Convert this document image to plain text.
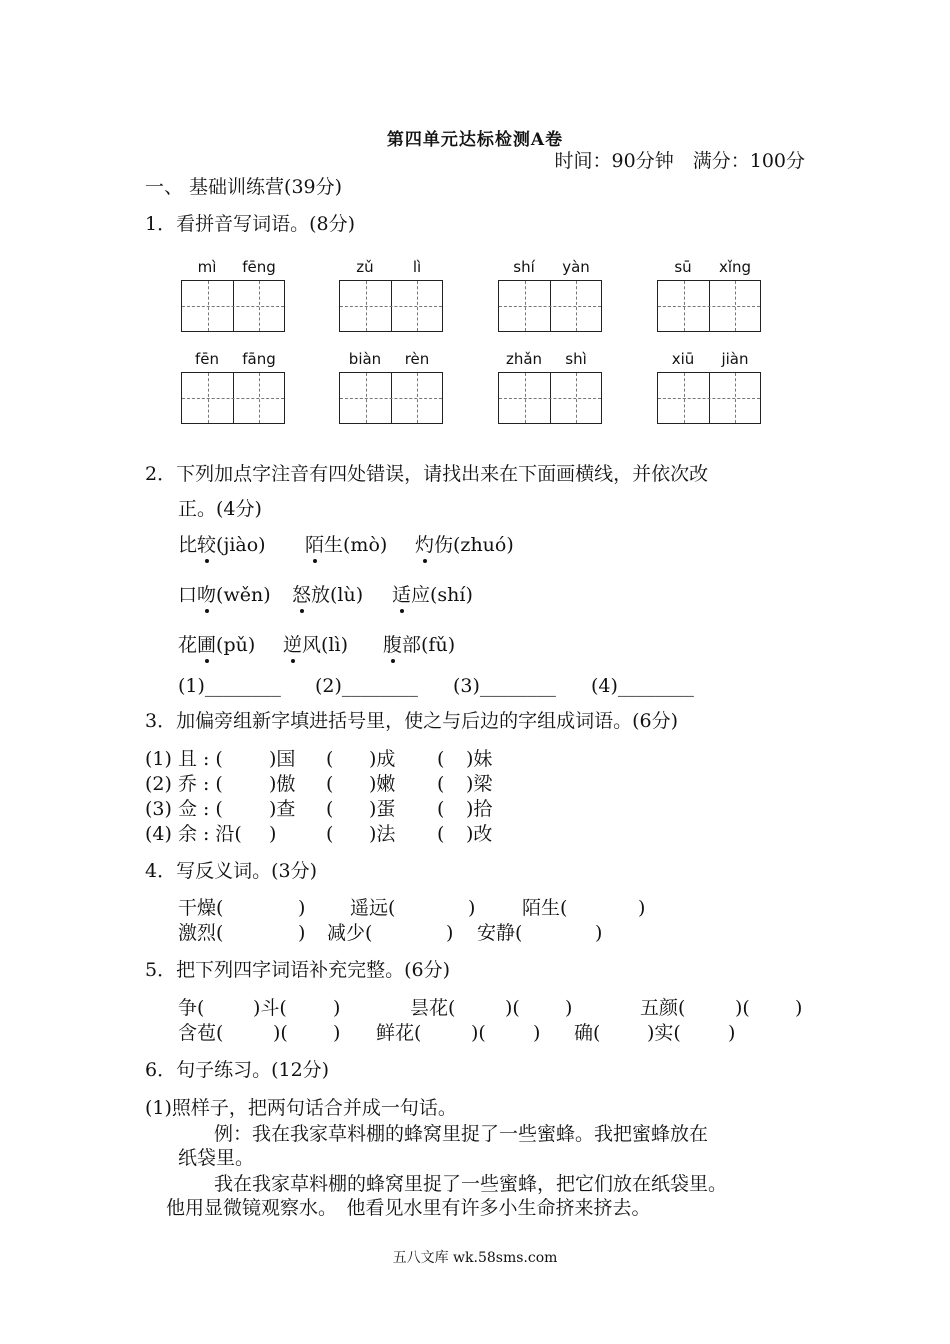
第四单元达标检测A卷
时间：90分钟　满分：100分
一、 基础训练营(39分)
1．看拼音写词语。(8分)
mì	fēng	zǔ	lì	shí	yàn	sū	xǐng
fēn	fāng	biàn	rèn	zhǎn	shì	xiū	jiàn
2．下列加点字注音有四处错误，请找出来在下面画横线，并依次改
正。(4分)
比较(jiào) 陌生(mò) 灼伤(zhuó)
口吻(wěn) 怒放(lù) 适应(shí)
花圃(pǔ) 逆风(lì) 腹部(fǔ)
(1)________ (2)________ (3)________ (4)________
3．加偏旁组新字填进括号里，使之与后边的字组成词语。(6分)
(1) 且 : ( )国 ( )成 ( )妹
(2) 乔 : ( )傲 ( )嫩 ( )梁
(3) 佥 : ( )查 ( )蛋 ( )拾
(4) 余 : 沿( )	( )法 ( )改
4．写反义词。(3分)
干燥(	) 遥远(	) 陌生(	)
激烈(	) 减少(	) 安静(	)
5．把下列四字词语补充完整。(6分)
争(	)斗( )	昙花(	)( )	五颜(	)( )
含苞(	)( ) 鲜花(	)( ) 确( )实( )
6．句子练习。(12分)
(1)照样子，把两句话合并成一句话。
例：我在我家草料棚的蜂窝里捉了一些蜜蜂。我把蜜蜂放在
纸袋里。
我在我家草料棚的蜂窝里捉了一些蜜蜂，把它们放在纸袋里。
他用显微镜观察水。　他看见水里有许多小生命挤来挤去。
五八文库 wk.58sms.com
